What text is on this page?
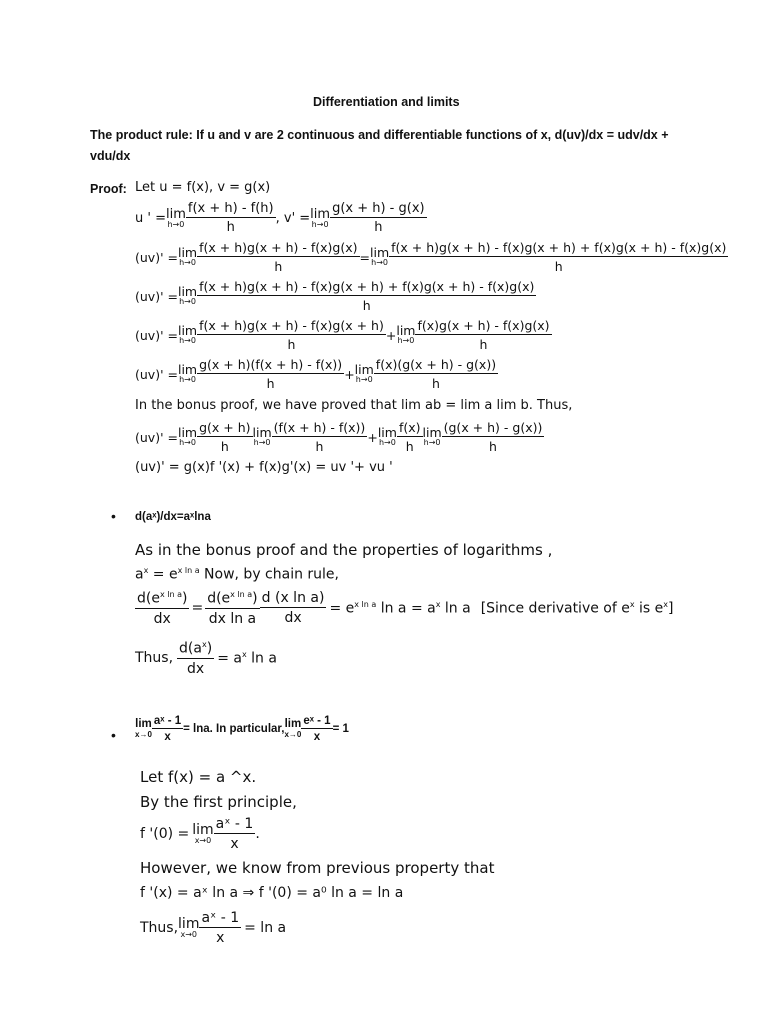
Differentiation and limits
The product rule: If u and v are 2 continuous and differentiable functions of x, d(uv)/dx = udv/dx +
vdu/dx
Proof: Let u = f(x), v = g(x)
u ' = lim
$h\to 0 \frac{f(x + h) - f(h)}{h}$ , v' = lim
$h\to 0 \frac{g(x + h) - g(x)}{h}$
(uv)' = lim
$h\to 0 \frac{f(x + h)g(x + h) - f(x)g(x)}{h} = \lim$
$h\to 0 \frac{f(x + h)g(x + h) - f(x)g(x + h) + f(x)g(x + h) - f(x)g(x)}{h}$
(uv)' = lim
$h\to 0 \frac{f(x + h)g(x + h) - f(x)g(x + h) + f(x)g(x + h) - f(x)g(x)}{h}$
(uv)' = lim
$h\to 0 \frac{f(x + h)g(x + h) - f(x)g(x + h)}{h} + \lim$
$h\to 0 \frac{f(x)g(x + h) - f(x)g(x)}{h}$
(uv)' = lim
$h\to 0 \frac{g(x + h)(f(x + h) - f(x))}{h} + \lim$
$h\to 0 \frac{f(x)(g(x + h) - g(x))}{h}$
In the bonus proof, we have proved that lim ab = lim a lim b. Thus,
(uv)' = lim
$h\to 0 \frac{g(x + h)}{h}$ lim
$h\to 0 \frac{(f(x + h) - f(x))}{h} + \lim$
$h\to 0 \frac{f(x)}{h}$ lim
$h\to 0 \frac{(g(x + h) - g(x))}{h}$
(uv)' = g(x)f '(x) + f(x)g'(x) = uv '+ vu '
• d(aˣ)/dx=aˣlna
As in the bonus proof and the properties of logarithms ,
$a^x = e^{x ln a}$ Now, by chain rule,
$\frac{d(e^{x ln a})}{dx} = \frac{d(e^{x ln a})}{\text{dx ln a}} \frac{\text{d (x ln a)}}{dx} = e^{x ln a}$ $\ln a = a^x$ ln a [Since derivative of $e^x$ is $e^x$]
Thus, $\frac{d(a^x)}{dx} = a^x$ ln a
•
lim
$x\to 0 \frac{\text{aˣ - 1}}{x} = \ln a$. In particular, lim
$x\to 0 \frac{\text{eˣ - 1}}{x} = 1$
Let f(x) = a ^x.
By the first principle,
f '(0) = lim
$x\to 0 \frac{\text{aˣ - 1}}{x}$ .
However, we know from previous property that
f '(x) = aˣ ln a ⇒ f '(0) = a⁰ ln a = ln a
Thus, lim
$x\to 0 \frac{\text{aˣ - 1}}{x} = \ln a$
